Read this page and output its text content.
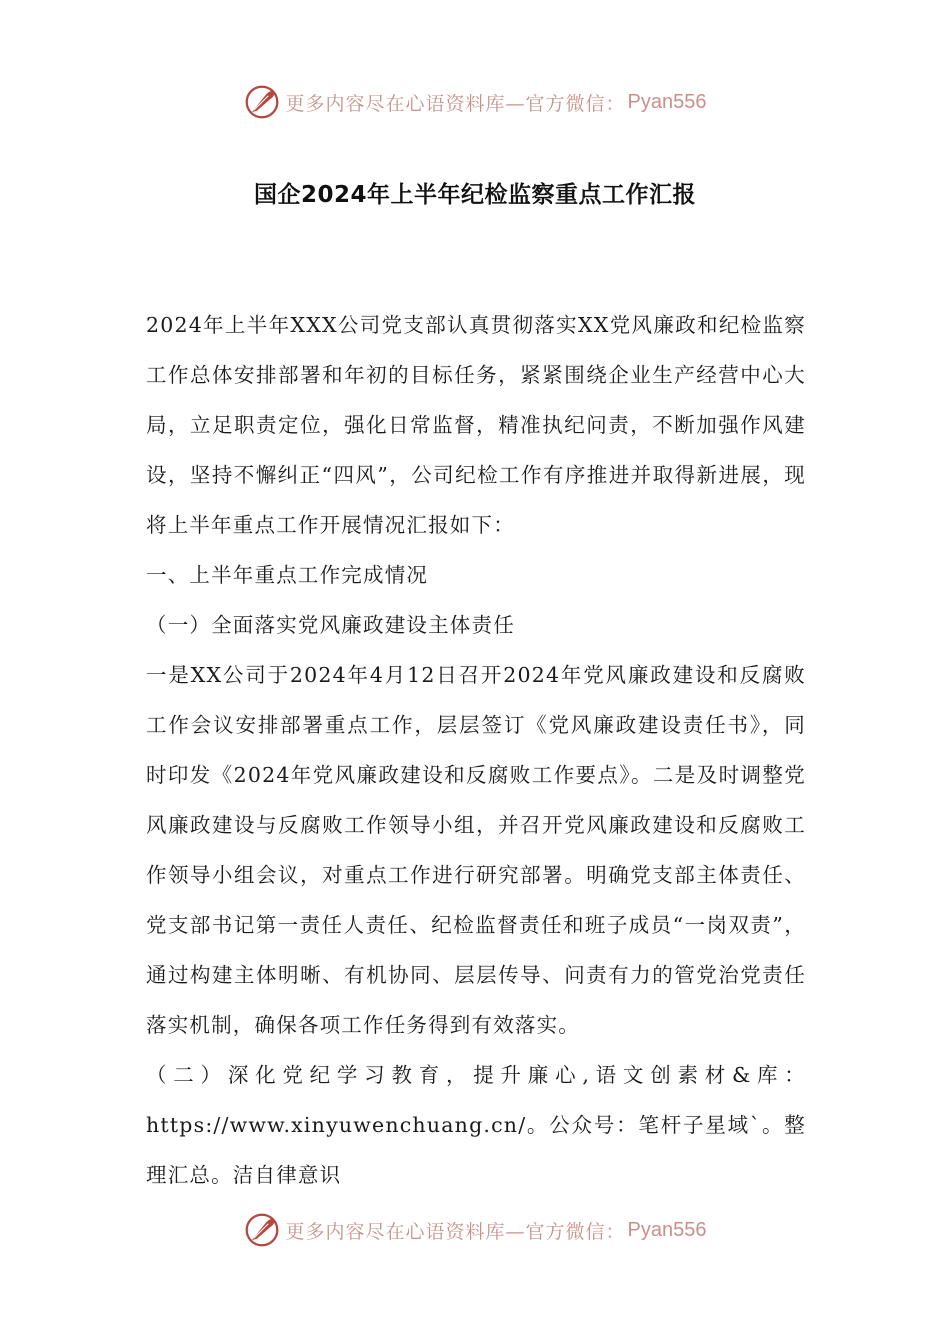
更多内容尽在心语资料库—官方微信： Pyan556
国企2024年上半年纪检监察重点工作汇报

2024年上半年XXX公司党支部认真贯彻落实XX党风廉政和纪检监察工作总体安排部署和年初的目标任务，紧紧围绕企业生产经营中心大局，立足职责定位，强化日常监督，精准执纪问责，不断加强作风建设，坚持不懈纠正“四风”，公司纪检工作有序推进并取得新进展，现将上半年重点工作开展情况汇报如下：

一、上半年重点工作完成情况

（一）全面落实党风廉政建设主体责任

一是XX公司于2024年4月12日召开2024年党风廉政建设和反腐败工作会议安排部署重点工作，层层签订《党风廉政建设责任书》，同时印发《2024年党风廉政建设和反腐败工作要点》。二是及时调整党风廉政建设与反腐败工作领导小组，并召开党风廉政建设和反腐败工作领导小组会议，对重点工作进行研究部署。明确党支部主体责任、党支部书记第一责任人责任、纪检监督责任和班子成员“一岗双责”，通过构建主体明晰、有机协同、层层传导、问责有力的管党治党责任落实机制，确保各项工作任务得到有效落实。

（二）深化党纪学习教育，提升廉心,语文创素材&库：https://www.xinyuwenchuang.cn/。公众号：笔杆子星域`。整理汇总。洁自律意识

更多内容尽在心语资料库—官方微信： Pyan556
